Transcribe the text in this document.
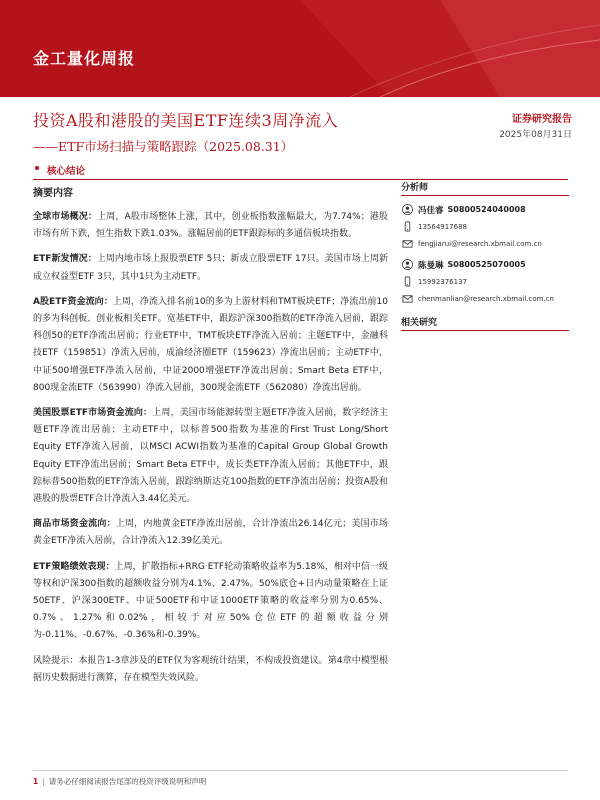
金工量化周报
投资A股和港股的美国ETF连续3周净流入
——ETF市场扫描与策略跟踪（2025.08.31）
证券研究报告
2025年08月31日
核心结论
摘要内容

全球市场概况：上周，A股市场整体上涨，其中，创业板指数涨幅最大，为7.74%；港股市场有所下跌，恒生指数下跌1.03%。涨幅居前的ETF跟踪标的多通信板块指数。

ETF新发情况：上周内地市场上报股票ETF 5只；新成立股票ETF 17只。美国市场上周新成立权益型ETF 3只，其中1只为主动ETF。

A股ETF资金流向：上周，净流入排名前10的多为上游材料和TMT板块ETF；净流出前10的多为科创板、创业板相关ETF。宽基ETF中，跟踪沪深300指数的ETF净流入居前，跟踪科创50的ETF净流出居前；行业ETF中，TMT板块ETF净流入居前；主题ETF中，金融科技ETF（159851）净流入居前，成渝经济圈ETF（159623）净流出居前；主动ETF中，中证500增强ETF净流入居前，中证2000增强ETF净流出居前；Smart Beta ETF中，800现金流ETF（563990）净流入居前，300现金流ETF（562080）净流出居前。

美国股票ETF市场资金流向：上周，美国市场能源转型主题ETF净流入居前，数字经济主题ETF净流出居前；主动ETF中，以标普500指数为基准的First Trust Long/Short Equity ETF净流入居前，以MSCI ACWI指数为基准的Capital Group Global Growth Equity ETF净流出居前；Smart Beta ETF中，成长类ETF净流入居前；其他ETF中，跟踪标普500指数的ETF净流入居前，跟踪纳斯达克100指数的ETF净流出居前；投资A股和港股的股票ETF合计净流入3.44亿美元。

商品市场资金流向：上周，内地黄金ETF净流出居前，合计净流出26.14亿元；美国市场黄金ETF净流入居前，合计净流入12.39亿美元。

ETF策略绩效表现：上周，扩散指标+RRG ETF轮动策略收益率为5.18%，相对中信一级等权和沪深300指数的超额收益分别为4.1%、2.47%。50%底仓+日内动量策略在上证50ETF、沪深300ETF、中证500ETF和中证1000ETF策略的收益率分别为0.65%、0.7%、1.27%和0.02%，相较于对应50%仓位ETF的超额收益分别为-0.11%、-0.67%、-0.36%和-0.39%。

风险提示：本报告1-3章涉及的ETF仅为客观统计结果，不构成投资建议。第4章中模型根据历史数据进行测算，存在模型失效风险。

分析师
冯佳睿 S0800524040008
13564917688
fengjiarui@research.xbmail.com.cn
陈曼琳 S0800525070005
15992376137
chenmanlian@research.xbmail.com.cn
相关研究
1 | 请务必仔细阅读报告尾部的投资评级说明和声明
